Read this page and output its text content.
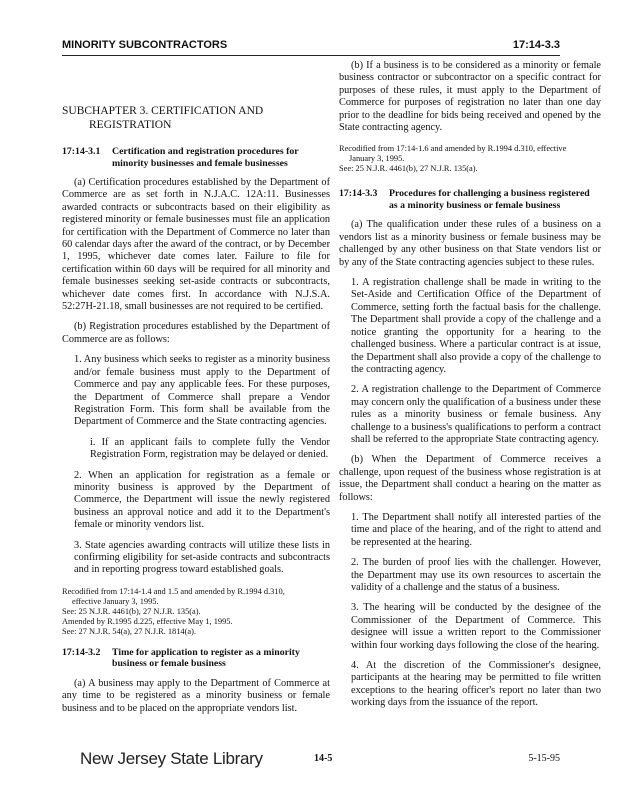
MINORITY SUBCONTRACTORS	17:14-3.3
SUBCHAPTER 3. CERTIFICATION AND
REGISTRATION
17:14-3.1 Certification and registration procedures for
minority businesses and female businesses

(a) Certification procedures established by the Department of Commerce are as set forth in N.J.A.C. 12A:11. Businesses awarded contracts or subcontracts based on their eligibility as registered minority or female businesses must file an application for certification with the Department of Commerce no later than 60 calendar days after the award of the contract, or by December 1, 1995, whichever date comes later. Failure to file for certification within 60 days will be required for all minority and female businesses seeking set-aside contracts or subcontracts, whichever date comes first. In accordance with N.J.S.A. 52:27H-21.18, small businesses are not required to be certified.

(b) Registration procedures established by the Department of Commerce are as follows:

1. Any business which seeks to register as a minority business and/or female business must apply to the Department of Commerce and pay any applicable fees. For these purposes, the Department of Commerce shall prepare a Vendor Registration Form. This form shall be available from the Department of Commerce and the State contracting agencies.

i. If an applicant fails to complete fully the Vendor Registration Form, registration may be delayed or denied.

2. When an application for registration as a female or minority business is approved by the Department of Commerce, the Department will issue the newly registered business an approval notice and add it to the Department's female or minority vendors list.

3. State agencies awarding contracts will utilize these lists in confirming eligibility for set-aside contracts and subcontracts and in reporting progress toward established goals.

Recodified from 17:14-1.4 and 1.5 and amended by R.1994 d.310,
effective January 3, 1995.
See: 25 N.J.R. 4461(b), 27 N.J.R. 135(a).
Amended by R.1995 d.225, effective May 1, 1995.
See: 27 N.J.R. 54(a), 27 N.J.R. 1814(a).
17:14-3.2 Time for application to register as a minority
business or female business

(a) A business may apply to the Department of Commerce at any time to be registered as a minority business or female business and to be placed on the appropriate vendors list.

(b) If a business is to be considered as a minority or female business contractor or subcontractor on a specific contract for purposes of these rules, it must apply to the Department of Commerce for purposes of registration no later than one day prior to the deadline for bids being received and opened by the State contracting agency.

Recodified from 17:14-1.6 and amended by R.1994 d.310, effective
January 3, 1995.
See: 25 N.J.R. 4461(b), 27 N.J.R. 135(a).
17:14-3.3 Procedures for challenging a business registered
as a minority business or female business

(a) The qualification under these rules of a business on a vendors list as a minority business or female business may be challenged by any other business on that State vendors list or by any of the State contracting agencies subject to these rules.

1. A registration challenge shall be made in writing to the Set-Aside and Certification Office of the Department of Commerce, setting forth the factual basis for the challenge. The Department shall provide a copy of the challenge and a notice granting the opportunity for a hearing to the challenged business. Where a particular contract is at issue, the Department shall also provide a copy of the challenge to the contracting agency.

2. A registration challenge to the Department of Commerce may concern only the qualification of a business under these rules as a minority business or female business. Any challenge to a business's qualifications to perform a contract shall be referred to the appropriate State contracting agency.

(b) When the Department of Commerce receives a challenge, upon request of the business whose registration is at issue, the Department shall conduct a hearing on the matter as follows:

1. The Department shall notify all interested parties of the time and place of the hearing, and of the right to attend and be represented at the hearing.

2. The burden of proof lies with the challenger. However, the Department may use its own resources to ascertain the validity of a challenge and the status of a business.

3. The hearing will be conducted by the designee of the Commissioner of the Department of Commerce. This designee will issue a written report to the Commissioner within four working days following the close of the hearing.

4. At the discretion of the Commissioner's designee, participants at the hearing may be permitted to file written exceptions to the hearing officer's report no later than two working days from the issuance of the report.

New Jersey State Library	14-5	5-15-95
